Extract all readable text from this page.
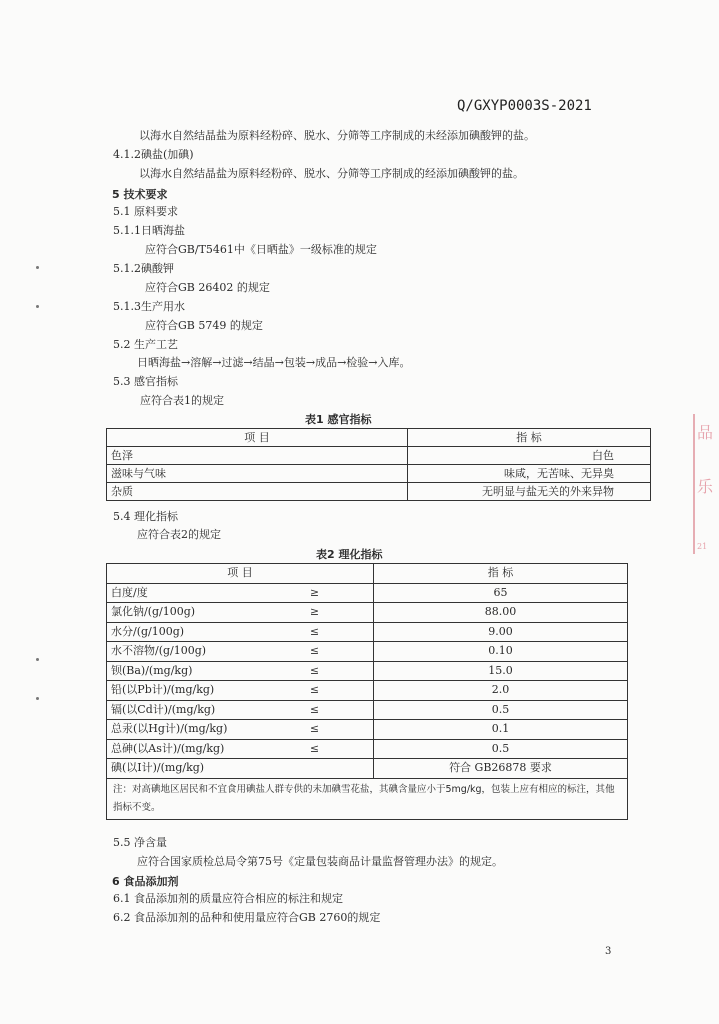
Q/GXYP0003S-2021
以海水自然结晶盐为原料经粉碎、脱水、分筛等工序制成的未经添加碘酸钾的盐。
4.1.2碘盐(加碘)
以海水自然结晶盐为原料经粉碎、脱水、分筛等工序制成的经添加碘酸钾的盐。
5 技术要求
5.1 原料要求
5.1.1日晒海盐
应符合GB/T5461中《日晒盐》一级标准的规定
5.1.2碘酸钾
应符合GB 26402 的规定
5.1.3生产用水
应符合GB 5749 的规定
5.2 生产工艺
日晒海盐→溶解→过滤→结晶→包装→成品→检验→入库。
5.3 感官指标
应符合表1的规定
表1 感官指标
项 目	指 标
色泽	白色
滋味与气味	味咸，无苦味、无异臭
杂质	无明显与盐无关的外来异物
5.4 理化指标
应符合表2的规定
表2 理化指标
项 目		指 标
白度/度	≥	65
氯化钠/(g/100g)	≥	88.00
水分/(g/100g)	≤	9.00
水不溶物/(g/100g)	≤	0.10
钡(Ba)/(mg/kg)	≤	15.0
铅(以Pb计)/(mg/kg)	≤	2.0
镉(以Cd计)/(mg/kg)	≤	0.5
总汞(以Hg计)/(mg/kg)	≤	0.1
总砷(以As计)/(mg/kg)	≤	0.5
碘(以I计)/(mg/kg)		符合 GB26878 要求
注：对高碘地区居民和不宜食用碘盐人群专供的未加碘雪花盐，其碘含量应小于5mg/kg，包装上应有相应的标注，其他指标不变。		
5.5 净含量
应符合国家质检总局令第75号《定量包装商品计量监督管理办法》的规定。
6 食品添加剂
6.1 食品添加剂的质量应符合相应的标注和规定
6.2 食品添加剂的品种和使用量应符合GB 2760的规定
3
品
乐
21
